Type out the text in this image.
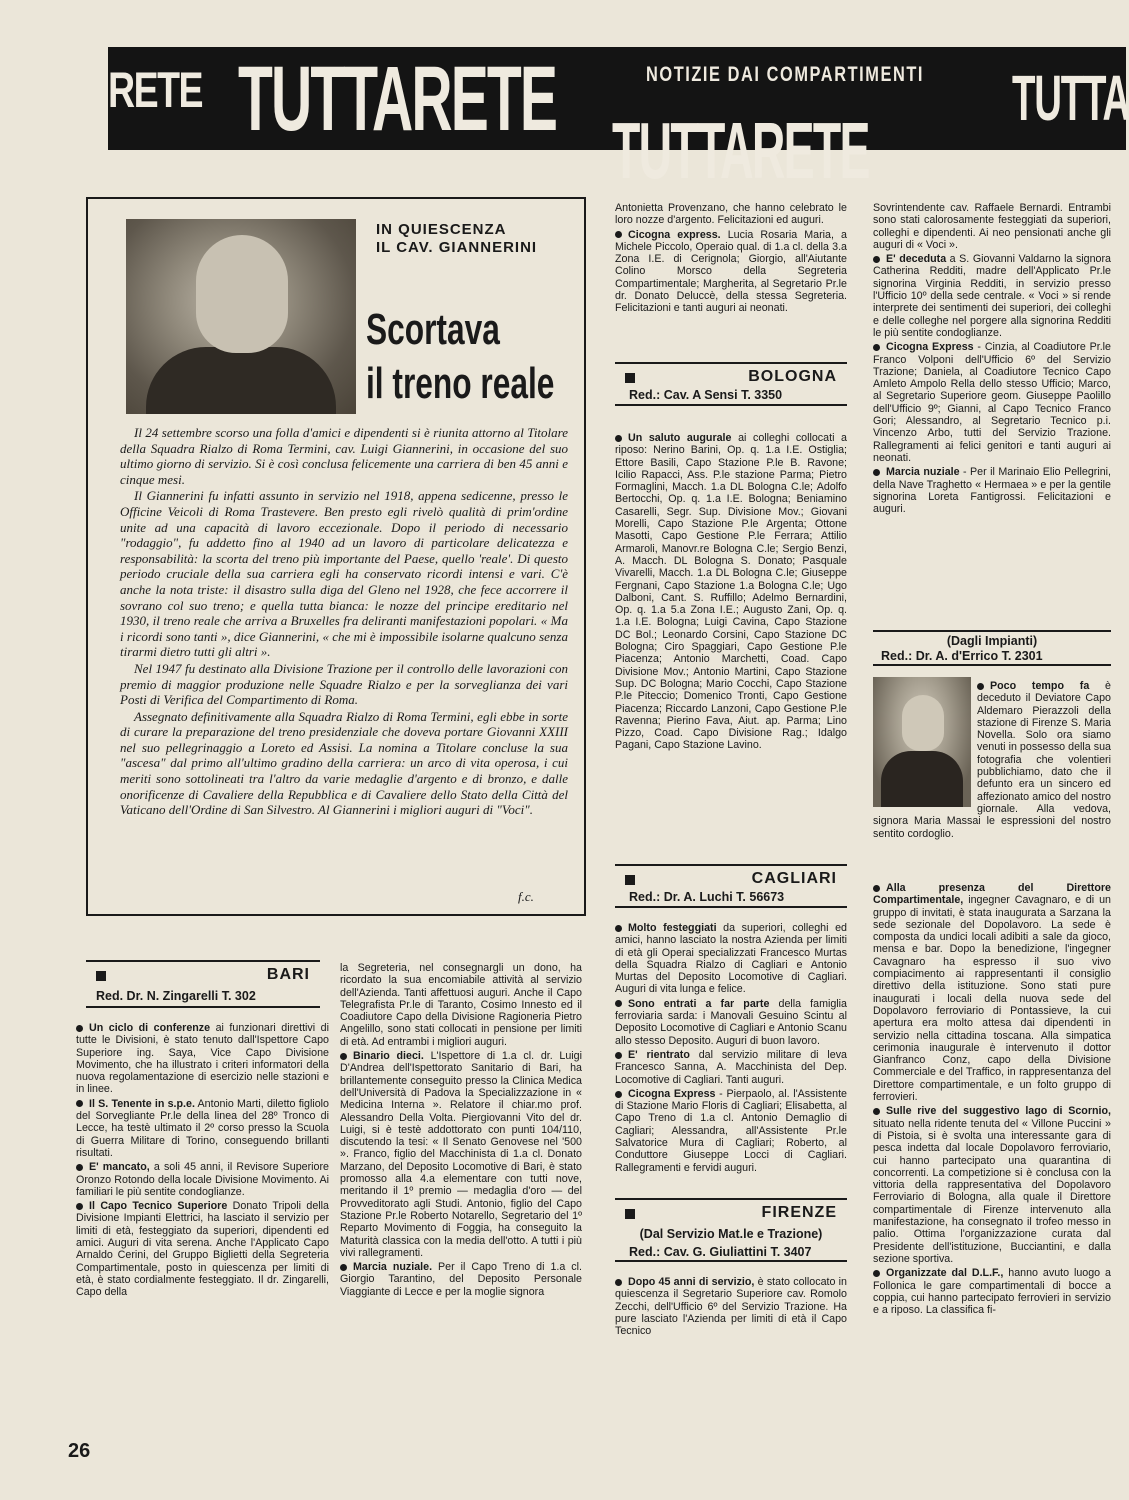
RETE TUTTARETE	NOTIZIE DAI COMPARTIMENTI
TUTTARETE
TUTTA
IN QUIESCENZA
IL CAV. GIANNERINI
Scortava
il treno reale

Il 24 settembre scorso una folla d'amici e dipendenti si è riunita attorno al Titolare della Squadra Rialzo di Roma Termini, cav. Luigi Giannerini, in occasione del suo ultimo giorno di servizio. Si è così conclusa felicemente una carriera di ben 45 anni e cinque mesi.

Il Giannerini fu infatti assunto in servizio nel 1918, appena sedicenne, presso le Officine Veicoli di Roma Trastevere. Ben presto egli rivelò qualità di prim'ordine unite ad una capacità di lavoro eccezionale. Dopo il periodo di necessario "rodaggio", fu addetto fino al 1940 ad un lavoro di particolare delicatezza e responsabilità: la scorta del treno più importante del Paese, quello 'reale'. Di questo periodo cruciale della sua carriera egli ha conservato ricordi intensi e vari. C'è anche la nota triste: il disastro sulla diga del Gleno nel 1928, che fece accorrere il sovrano col suo treno; e quella tutta bianca: le nozze del principe ereditario nel 1930, il treno reale che arriva a Bruxelles fra deliranti manifestazioni popolari. « Ma i ricordi sono tanti », dice Giannerini, « che mi è impossibile isolarne qualcuno senza tirarmi dietro tutti gli altri ».

Nel 1947 fu destinato alla Divisione Trazione per il controllo delle lavorazioni con premio di maggior produzione nelle Squadre Rialzo e per la sorveglianza dei vari Posti di Verifica del Compartimento di Roma.

Assegnato definitivamente alla Squadra Rialzo di Roma Termini, egli ebbe in sorte di curare la preparazione del treno presidenziale che doveva portare Giovanni XXIII nel suo pellegrinaggio a Loreto ed Assisi. La nomina a Titolare concluse la sua "ascesa" dal primo all'ultimo gradino della carriera: un arco di vita operosa, i cui meriti sono sottolineati tra l'altro da varie medaglie d'argento e di bronzo, e dalle onorificenze di Cavaliere della Repubblica e di Cavaliere dello Stato della Città del Vaticano dell'Ordine di San Silvestro. Al Giannerini i migliori auguri di "Voci".

f.c.
BARI
Red. Dr. N. Zingarelli T. 302

Un ciclo di conferenze ai funzionari direttivi di tutte le Divisioni, è stato tenuto dall'Ispettore Capo Superiore ing. Saya, Vice Capo Divisione Movimento, che ha illustrato i criteri informatori della nuova regolamentazione di esercizio nelle stazioni e in linee.

Il S. Tenente in s.p.e. Antonio Marti, diletto figliolo del Sorvegliante Pr.le della linea del 28º Tronco di Lecce, ha testè ultimato il 2º corso presso la Scuola di Guerra Militare di Torino, conseguendo brillanti risultati.

E' mancato, a soli 45 anni, il Revisore Superiore Oronzo Rotondo della locale Divisione Movimento. Ai familiari le più sentite condoglianze.

Il Capo Tecnico Superiore Donato Tripoli della Divisione Impianti Elettrici, ha lasciato il servizio per limiti di età, festeggiato da superiori, dipendenti ed amici. Auguri di vita serena. Anche l'Applicato Capo Arnaldo Cerini, del Gruppo Biglietti della Segreteria Compartimentale, posto in quiescenza per limiti di età, è stato cordialmente festeggiato. Il dr. Zingarelli, Capo della

la Segreteria, nel consegnargli un dono, ha ricordato la sua encomiabile attività al servizio dell'Azienda. Tanti affettuosi auguri. Anche il Capo Telegrafista Pr.le di Taranto, Cosimo Innesto ed il Coadiutore Capo della Divisione Ragioneria Pietro Angelillo, sono stati collocati in pensione per limiti di età. Ad entrambi i migliori auguri.

Binario dieci. L'Ispettore di 1.a cl. dr. Luigi D'Andrea dell'Ispettorato Sanitario di Bari, ha brillantemente conseguito presso la Clinica Medica dell'Università di Padova la Specializzazione in « Medicina Interna ». Relatore il chiar.mo prof. Alessandro Della Volta. Piergiovanni Vito del dr. Luigi, si è testè addottorato con punti 104/110, discutendo la tesi: « Il Senato Genovese nel '500 ». Franco, figlio del Macchinista di 1.a cl. Donato Marzano, del Deposito Locomotive di Bari, è stato promosso alla 4.a elementare con tutti nove, meritando il 1º premio — medaglia d'oro — del Provveditorato agli Studi. Antonio, figlio del Capo Stazione Pr.le Roberto Notarello, Segretario del 1º Reparto Movimento di Foggia, ha conseguito la Maturità classica con la media dell'otto. A tutti i più vivi rallegramenti.

Marcia nuziale. Per il Capo Treno di 1.a cl. Giorgio Tarantino, del Deposito Personale Viaggiante di Lecce e per la moglie signora

Antonietta Provenzano, che hanno celebrato le loro nozze d'argento. Felicitazioni ed auguri.

Cicogna express. Lucia Rosaria Maria, a Michele Piccolo, Operaio qual. di 1.a cl. della 3.a Zona I.E. di Cerignola; Giorgio, all'Aiutante Colino Morsco della Segreteria Compartimentale; Margherita, al Segretario Pr.le dr. Donato Deluccè, della stessa Segreteria. Felicitazioni e tanti auguri ai neonati.

BOLOGNA
Red.: Cav. A Sensi T. 3350

Un saluto augurale ai colleghi collocati a riposo: Nerino Barini, Op. q. 1.a I.E. Ostiglia; Ettore Basili, Capo Stazione P.le B. Ravone; Icilio Rapacci, Ass. P.le stazione Parma; Pietro Formaglini, Macch. 1.a DL Bologna C.le; Adolfo Bertocchi, Op. q. 1.a I.E. Bologna; Beniamino Casarelli, Segr. Sup. Divisione Mov.; Giovani Morelli, Capo Stazione P.le Argenta; Ottone Masotti, Capo Gestione P.le Ferrara; Attilio Armaroli, Manovr.re Bologna C.le; Sergio Benzi, A. Macch. DL Bologna S. Donato; Pasquale Vivarelli, Macch. 1.a DL Bologna C.le; Giuseppe Fergnani, Capo Stazione 1.a Bologna C.le; Ugo Dalboni, Cant. S. Ruffillo; Adelmo Bernardini, Op. q. 1.a 5.a Zona I.E.; Augusto Zani, Op. q. 1.a I.E. Bologna; Luigi Cavina, Capo Stazione DC Bol.; Leonardo Corsini, Capo Stazione DC Bologna; Ciro Spaggiari, Capo Gestione P.le Piacenza; Antonio Marchetti, Coad. Capo Divisione Mov.; Antonio Martini, Capo Stazione Sup. DC Bologna; Mario Cocchi, Capo Stazione P.le Piteccio; Domenico Tronti, Capo Gestione Piacenza; Riccardo Lanzoni, Capo Gestione P.le Ravenna; Pierino Fava, Aiut. ap. Parma; Lino Pizzo, Coad. Capo Divisione Rag.; Idalgo Pagani, Capo Stazione Lavino.

CAGLIARI
Red.: Dr. A. Luchi T. 56673

Molto festeggiati da superiori, colleghi ed amici, hanno lasciato la nostra Azienda per limiti di età gli Operai specializzati Francesco Murtas della Squadra Rialzo di Cagliari e Antonio Murtas del Deposito Locomotive di Cagliari. Auguri di vita lunga e felice.

Sono entrati a far parte della famiglia ferroviaria sarda: i Manovali Gesuino Scintu al Deposito Locomotive di Cagliari e Antonio Scanu allo stesso Deposito. Auguri di buon lavoro.

E' rientrato dal servizio militare di leva Francesco Sanna, A. Macchinista del Dep. Locomotive di Cagliari. Tanti auguri.

Cicogna Express - Pierpaolo, al. l'Assistente di Stazione Mario Floris di Cagliari; Elisabetta, al Capo Treno di 1.a cl. Antonio Demaglio di Cagliari; Alessandra, all'Assistente Pr.le Salvatorice Mura di Cagliari; Roberto, al Conduttore Giuseppe Locci di Cagliari. Rallegramenti e fervidi auguri.

FIRENZE
(Dal Servizio Mat.le e Trazione)
Red.: Cav. G. Giuliattini T. 3407

Dopo 45 anni di servizio, è stato collocato in quiescenza il Segretario Superiore cav. Romolo Zecchi, dell'Ufficio 6º del Servizio Trazione. Ha pure lasciato l'Azienda per limiti di età il Capo Tecnico

Sovrintendente cav. Raffaele Bernardi. Entrambi sono stati calorosamente festeggiati da superiori, colleghi e dipendenti. Ai neo pensionati anche gli auguri di « Voci ».

E' deceduta a S. Giovanni Valdarno la signora Catherina Redditi, madre dell'Applicato Pr.le signorina Virginia Redditi, in servizio presso l'Ufficio 10º della sede centrale. « Voci » si rende interprete dei sentimenti dei superiori, dei colleghi e delle colleghe nel porgere alla signorina Redditi le più sentite condoglianze.

Cicogna Express - Cinzia, al Coadiutore Pr.le Franco Volponi dell'Ufficio 6º del Servizio Trazione; Daniela, al Coadiutore Tecnico Capo Amleto Ampolo Rella dello stesso Ufficio; Marco, al Segretario Superiore geom. Giuseppe Paolillo dell'Ufficio 9º; Gianni, al Capo Tecnico Franco Gori; Alessandro, al Segretario Tecnico p.i. Vincenzo Arbo, tutti del Servizio Trazione. Rallegramenti ai felici genitori e tanti auguri ai neonati.

Marcia nuziale - Per il Marinaio Elio Pellegrini, della Nave Traghetto « Hermaea » e per la gentile signorina Loreta Fantigrossi. Felicitazioni e auguri.

(Dagli Impianti)
Red.: Dr. A. d'Errico T. 2301

Poco tempo fa è deceduto il Deviatore Capo Aldemaro Pierazzoli della stazione di Firenze S. Maria Novella. Solo ora siamo venuti in possesso della sua fotografia che volentieri pubblichiamo, dato che il defunto era un sincero ed affezionato amico del nostro giornale. Alla vedova, signora Maria Massai le espressioni del nostro sentito cordoglio.

Alla presenza del Direttore Compartimentale, ingegner Cavagnaro, e di un gruppo di invitati, è stata inaugurata a Sarzana la sede sezionale del Dopolavoro. La sede è composta da undici locali adibiti a sale da gioco, mensa e bar. Dopo la benedizione, l'ingegner Cavagnaro ha espresso il suo vivo compiacimento ai rappresentanti il consiglio direttivo della istituzione. Sono stati pure inaugurati i locali della nuova sede del Dopolavoro ferroviario di Pontassieve, la cui apertura era molto attesa dai dipendenti in servizio nella cittadina toscana. Alla simpatica cerimonia inaugurale è intervenuto il dottor Gianfranco Conz, capo della Divisione Commerciale e del Traffico, in rappresentanza del Direttore compartimentale, e un folto gruppo di ferrovieri.

Sulle rive del suggestivo lago di Scornio, situato nella ridente tenuta del « Villone Puccini » di Pistoia, si è svolta una interessante gara di pesca indetta dal locale Dopolavoro ferroviario, cui hanno partecipato una quarantina di concorrenti. La competizione si è conclusa con la vittoria della rappresentativa del Dopolavoro Ferroviario di Bologna, alla quale il Direttore compartimentale di Firenze intervenuto alla manifestazione, ha consegnato il trofeo messo in palio. Ottima l'organizzazione curata dal Presidente dell'istituzione, Bucciantini, e dalla sezione sportiva.

Organizzate dal D.L.F., hanno avuto luogo a Follonica le gare compartimentali di bocce a coppia, cui hanno partecipato ferrovieri in servizio e a riposo. La classifica fi-

26
